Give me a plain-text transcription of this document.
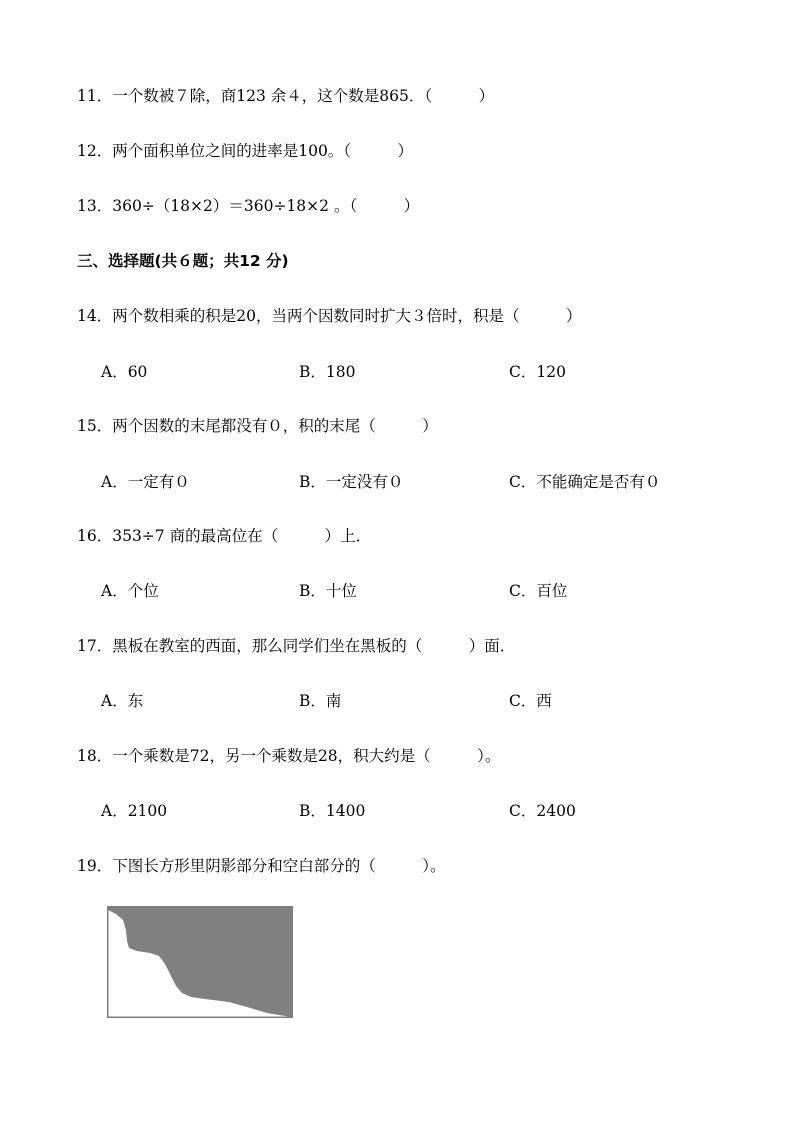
11．一个数被７除，商123 余４，这个数是865．（　　　）
12．两个面积单位之间的进率是100。（　　　）
13．360÷（18×2）＝360÷18×2 。（　　　）
三、选择题(共６题；共12 分)
14．两个数相乘的积是20，当两个因数同时扩大３倍时，积是（　　　）
A．60	B．180	C．120
15．两个因数的末尾都没有０，积的末尾（　　　）
A．一定有０	B．一定没有０	C．不能确定是否有０
16．353÷7 商的最高位在（　　　）上．
A．个位	B．十位	C．百位
17．黑板在教室的西面，那么同学们坐在黑板的（　　　）面．
A．东	B．南	C．西
18．一个乘数是72，另一个乘数是28，积大约是（　　　）。
A．2100	B．1400	C．2400
19．下图长方形里阴影部分和空白部分的（　　　）。
